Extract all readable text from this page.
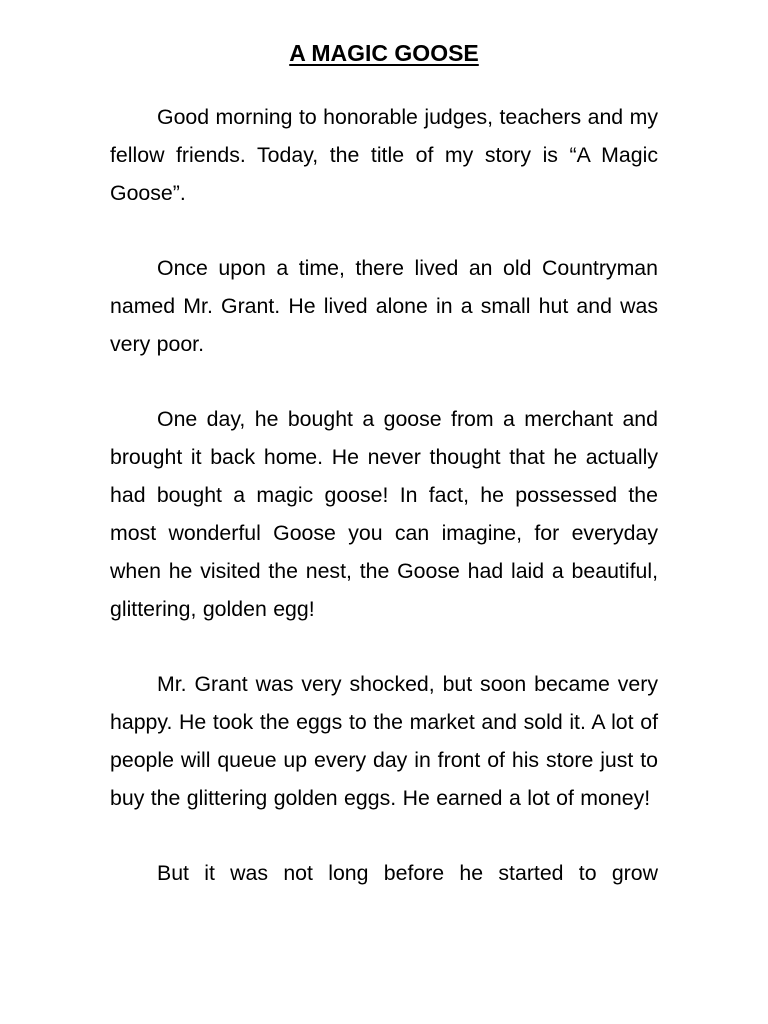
A MAGIC GOOSE

Good morning to honorable judges, teachers and my fellow friends. Today, the title of my story is “A Magic Goose”.

Once upon a time, there lived an old Countryman named Mr. Grant. He lived alone in a small hut and was very poor.

One day, he bought a goose from a merchant and brought it back home. He never thought that he actually had bought a magic goose! In fact, he possessed the most wonderful Goose you can imagine, for everyday when he visited the nest, the Goose had laid a beautiful, glittering, golden egg!

Mr. Grant was very shocked, but soon became very happy. He took the eggs to the market and sold it. A lot of people will queue up every day in front of his store just to buy the glittering golden eggs. He earned a lot of money!

But it was not long before he started to grow
